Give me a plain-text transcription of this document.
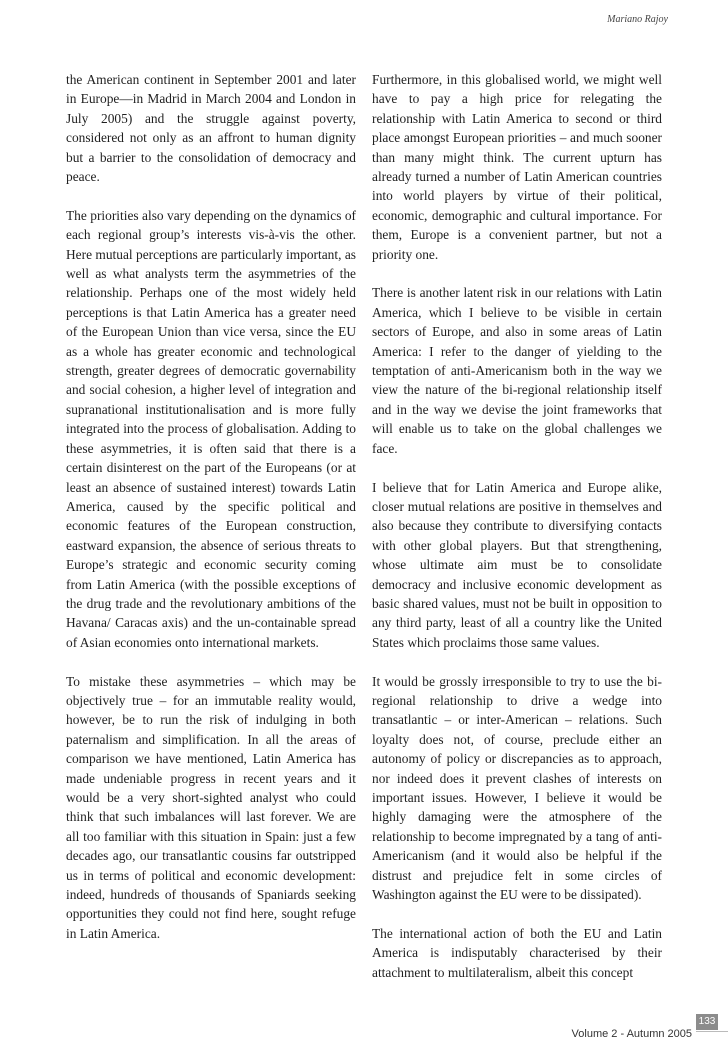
Mariano Rajoy

the American continent in September 2001 and later in Europe—in Madrid in March 2004 and London in July 2005) and the struggle against poverty, considered not only as an affront to human dignity but a barrier to the consolidation of democracy and peace.

The priorities also vary depending on the dynamics of each regional group’s interests vis-à-vis the other. Here mutual perceptions are particularly important, as well as what analysts term the asymmetries of the relationship. Perhaps one of the most widely held perceptions is that Latin America has a greater need of the European Union than vice versa, since the EU as a whole has greater economic and technological strength, greater degrees of democratic governability and social cohesion, a higher level of integration and supranational institutionalisation and is more fully integrated into the process of globalisation. Adding to these asymmetries, it is often said that there is a certain disinterest on the part of the Europeans (or at least an absence of sustained interest) towards Latin America, caused by the specific political and economic features of the European construction, eastward expansion, the absence of serious threats to Europe’s strategic and economic security coming from Latin America (with the possible exceptions of the drug trade and the revolutionary ambitions of the Havana/ Caracas axis) and the un-containable spread of Asian economies onto international markets.

To mistake these asymmetries – which may be objectively true – for an immutable reality would, however, be to run the risk of indulging in both paternalism and simplification. In all the areas of comparison we have mentioned, Latin America has made undeniable progress in recent years and it would be a very short-sighted analyst who could think that such imbalances will last forever. We are all too familiar with this situation in Spain: just a few decades ago, our transatlantic cousins far outstripped us in terms of political and economic development: indeed, hundreds of thousands of Spaniards seeking opportunities they could not find here, sought refuge in Latin America.

Furthermore, in this globalised world, we might well have to pay a high price for relegating the relationship with Latin America to second or third place amongst European priorities – and much sooner than many might think. The current upturn has already turned a number of Latin American countries into world players by virtue of their political, economic, demographic and cultural importance. For them, Europe is a convenient partner, but not a priority one.

There is another latent risk in our relations with Latin America, which I believe to be visible in certain sectors of Europe, and also in some areas of Latin America: I refer to the danger of yielding to the temptation of anti-Americanism both in the way we view the nature of the bi-regional relationship itself and in the way we devise the joint frameworks that will enable us to take on the global challenges we face.

I believe that for Latin America and Europe alike, closer mutual relations are positive in themselves and also because they contribute to diversifying contacts with other global players. But that strengthening, whose ultimate aim must be to consolidate democracy and inclusive economic development as basic shared values, must not be built in opposition to any third party, least of all a country like the United States which proclaims those same values.

It would be grossly irresponsible to try to use the bi-regional relationship to drive a wedge into transatlantic – or inter-American – relations. Such loyalty does not, of course, preclude either an autonomy of policy or discrepancies as to approach, nor indeed does it prevent clashes of interests on important issues. However, I believe it would be highly damaging were the atmosphere of the relationship to become impregnated by a tang of anti-Americanism (and it would also be helpful if the distrust and prejudice felt in some circles of Washington against the EU were to be dissipated).

The international action of both the EU and Latin America is indisputably characterised by their attachment to multilateralism, albeit this concept

133
Volume 2 - Autumn 2005
